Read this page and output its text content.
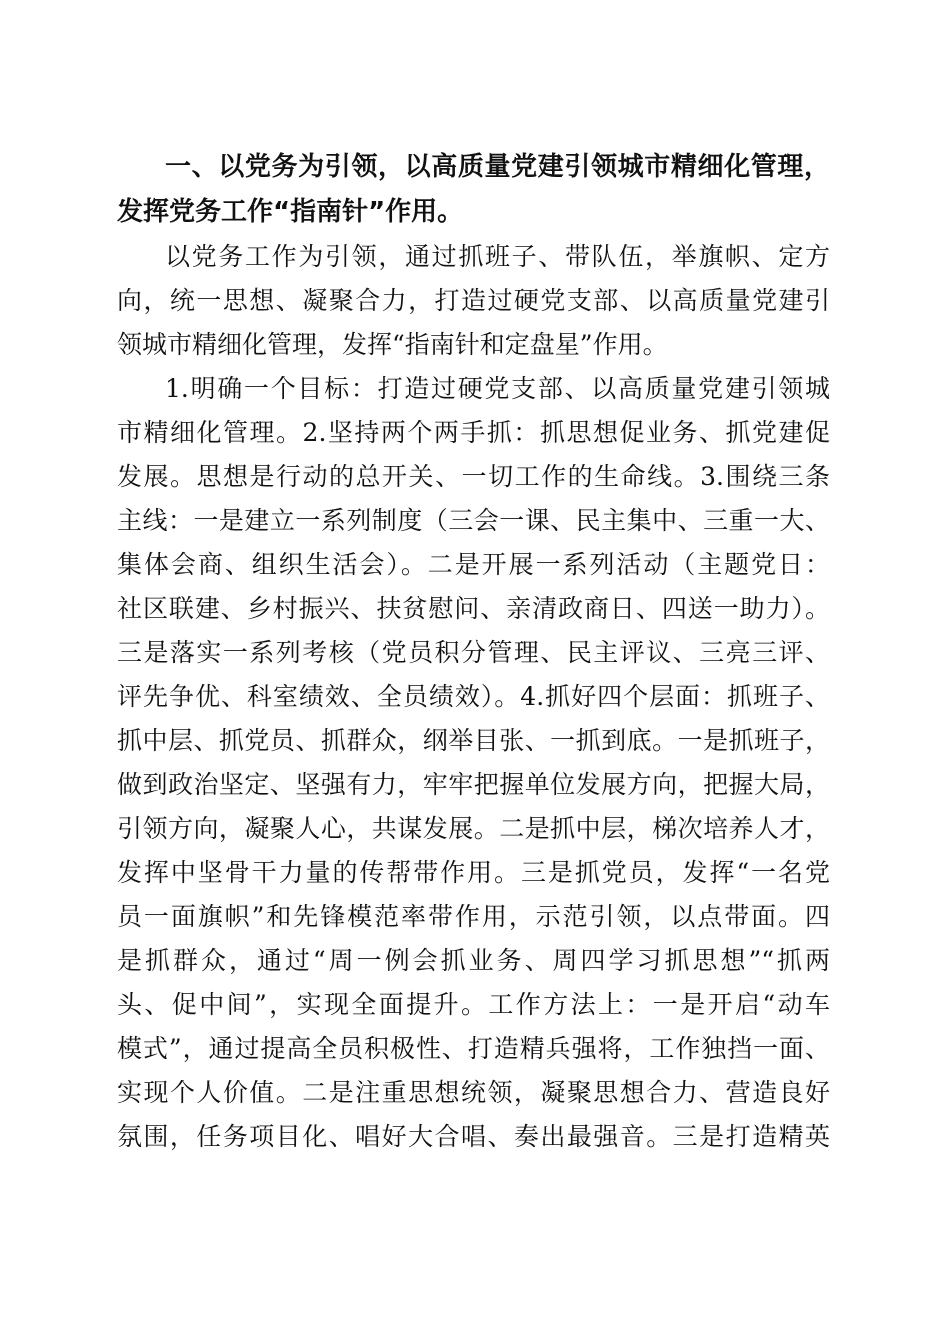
一、以党务为引领，以高质量党建引领城市精细化管理，
发挥党务工作“指南针”作用。
以党务工作为引领，通过抓班子、带队伍，举旗帜、定方
向，统一思想、凝聚合力，打造过硬党支部、以高质量党建引
领城市精细化管理，发挥“指南针和定盘星”作用。
1.明确一个目标：打造过硬党支部、以高质量党建引领城
市精细化管理。2.坚持两个两手抓：抓思想促业务、抓党建促
发展。思想是行动的总开关、一切工作的生命线。3.围绕三条
主线：一是建立一系列制度（三会一课、民主集中、三重一大、
集体会商、组织生活会）。二是开展一系列活动（主题党日：
社区联建、乡村振兴、扶贫慰问、亲清政商日、四送一助力）。
三是落实一系列考核（党员积分管理、民主评议、三亮三评、
评先争优、科室绩效、全员绩效）。4.抓好四个层面：抓班子、
抓中层、抓党员、抓群众，纲举目张、一抓到底。一是抓班子，
做到政治坚定、坚强有力，牢牢把握单位发展方向，把握大局，
引领方向，凝聚人心，共谋发展。二是抓中层，梯次培养人才，
发挥中坚骨干力量的传帮带作用。三是抓党员，发挥“一名党
员一面旗帜”和先锋模范率带作用，示范引领，以点带面。四
是抓群众，通过“周一例会抓业务、周四学习抓思想”“抓两
头、促中间”，实现全面提升。工作方法上：一是开启“动车
模式”，通过提高全员积极性、打造精兵强将，工作独挡一面、
实现个人价值。二是注重思想统领，凝聚思想合力、营造良好
氛围，任务项目化、唱好大合唱、奏出最强音。三是打造精英
